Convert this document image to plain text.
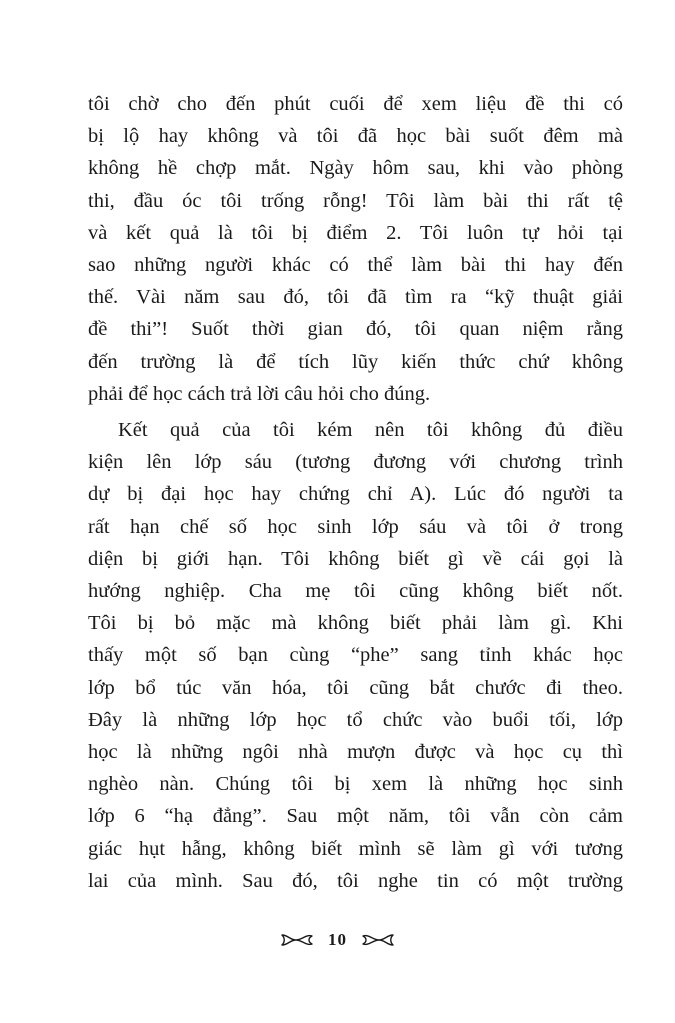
tôi chờ cho đến phút cuối để xem liệu đề thi có
bị lộ hay không và tôi đã học bài suốt đêm mà
không hề chợp mắt. Ngày hôm sau, khi vào phòng
thi, đầu óc tôi trống rỗng! Tôi làm bài thi rất tệ
và kết quả là tôi bị điểm 2. Tôi luôn tự hỏi tại
sao những người khác có thể làm bài thi hay đến
thế. Vài năm sau đó, tôi đã tìm ra “kỹ thuật giải
đề thi”! Suốt thời gian đó, tôi quan niệm rằng
đến trường là để tích lũy kiến thức chứ không
phải để học cách trả lời câu hỏi cho đúng.
Kết quả của tôi kém nên tôi không đủ điều
kiện lên lớp sáu (tương đương với chương trình
dự bị đại học hay chứng chỉ A). Lúc đó người ta
rất hạn chế số học sinh lớp sáu và tôi ở trong
diện bị giới hạn. Tôi không biết gì về cái gọi là
hướng nghiệp. Cha mẹ tôi cũng không biết nốt.
Tôi bị bỏ mặc mà không biết phải làm gì. Khi
thấy một số bạn cùng “phe” sang tỉnh khác học
lớp bổ túc văn hóa, tôi cũng bắt chước đi theo.
Đây là những lớp học tổ chức vào buổi tối, lớp
học là những ngôi nhà mượn được và học cụ thì
nghèo nàn. Chúng tôi bị xem là những học sinh
lớp 6 “hạ đẳng”. Sau một năm, tôi vẫn còn cảm
giác hụt hẫng, không biết mình sẽ làm gì với tương
lai của mình. Sau đó, tôi nghe tin có một trường
10
